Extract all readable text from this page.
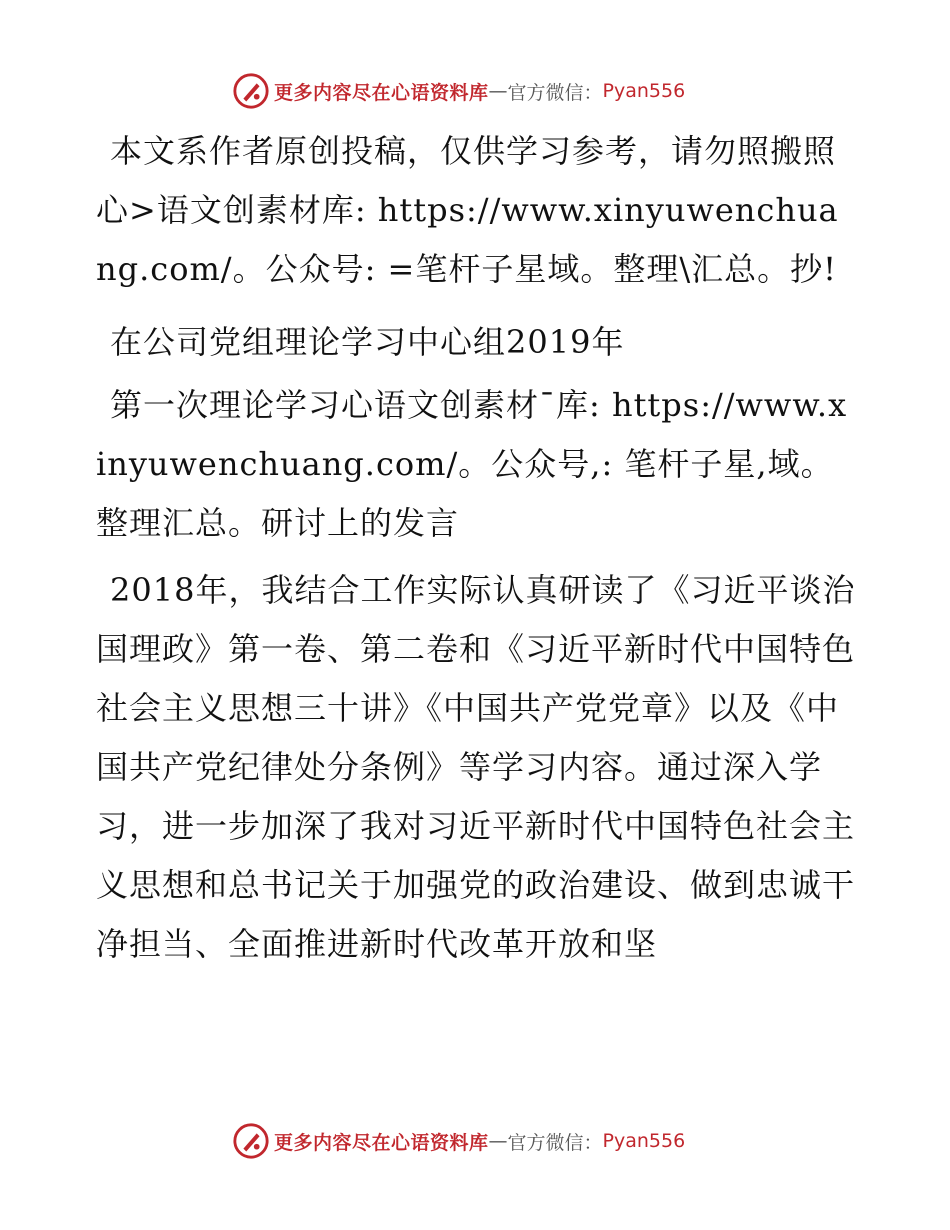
更多内容尽在心语资料库 — 官方微信： Pyan556

本文系作者原创投稿，仅供学习参考，请勿照搬照心>语文创素材库: https://www.xinyuwenchuang.com/。公众号: =笔杆子星域。整理\汇总。抄!

在公司党组理论学习中心组2019年

第一次理论学习心语文创素材¯库: https://www.xinyuwenchuang.com/。公众号,: 笔杆子星,域。整理汇总。研讨上的发言

2018年，我结合工作实际认真研读了《习近平谈治国理政》第一卷、第二卷和《习近平新时代中国特色社会主义思想三十讲》《中国共产党党章》以及《中国共产党纪律处分条例》等学习内容。通过深入学习，进一步加深了我对习近平新时代中国特色社会主义思想和总书记关于加强党的政治建设、做到忠诚干净担当、全面推进新时代改革开放和坚

更多内容尽在心语资料库 — 官方微信： Pyan556
